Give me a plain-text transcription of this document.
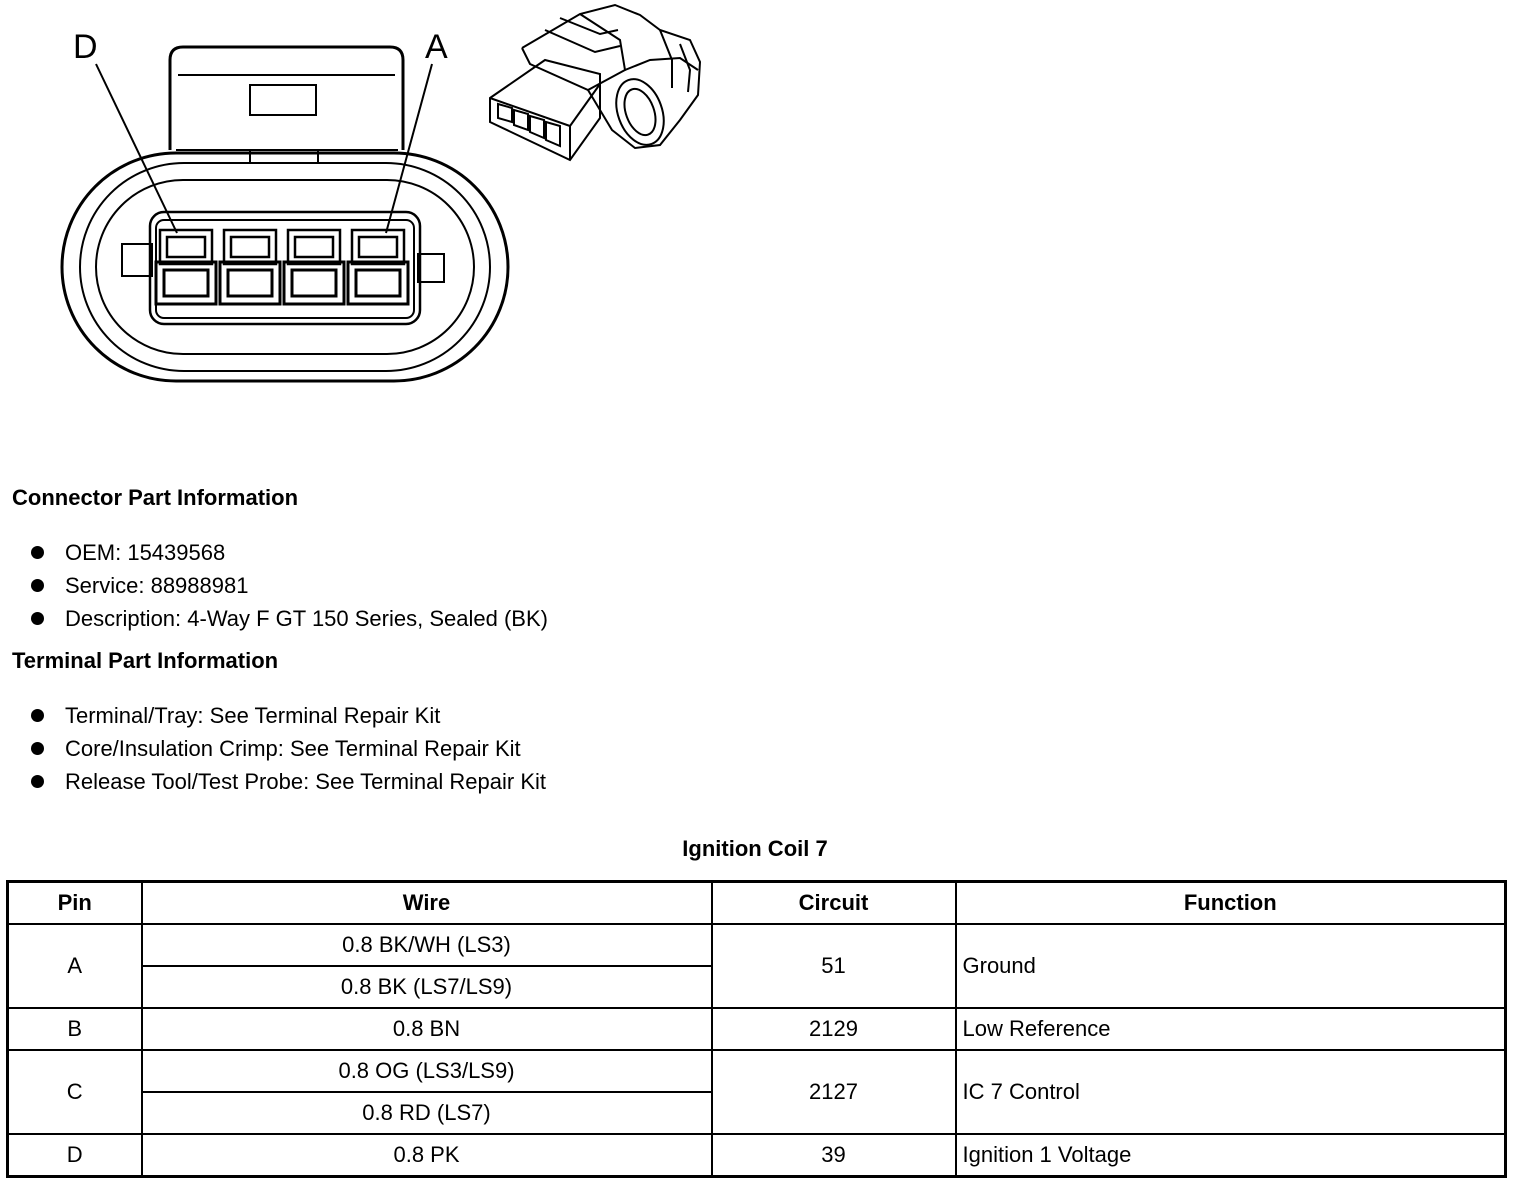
D	A
Connector Part Information
OEM: 15439568
Service: 88988981
Description: 4-Way F GT 150 Series, Sealed (BK)
Terminal Part Information
Terminal/Tray: See Terminal Repair Kit
Core/Insulation Crimp: See Terminal Repair Kit
Release Tool/Test Probe: See Terminal Repair Kit
Ignition Coil 7
Pin	Wire	Circuit	Function
A	0.8 BK/WH (LS3)	51	Ground
	0.8 BK (LS7/LS9)		
B	0.8 BN	2129	Low Reference
C	0.8 OG (LS3/LS9)	2127	IC 7 Control
	0.8 RD (LS7)		
D	0.8 PK	39	Ignition 1 Voltage
